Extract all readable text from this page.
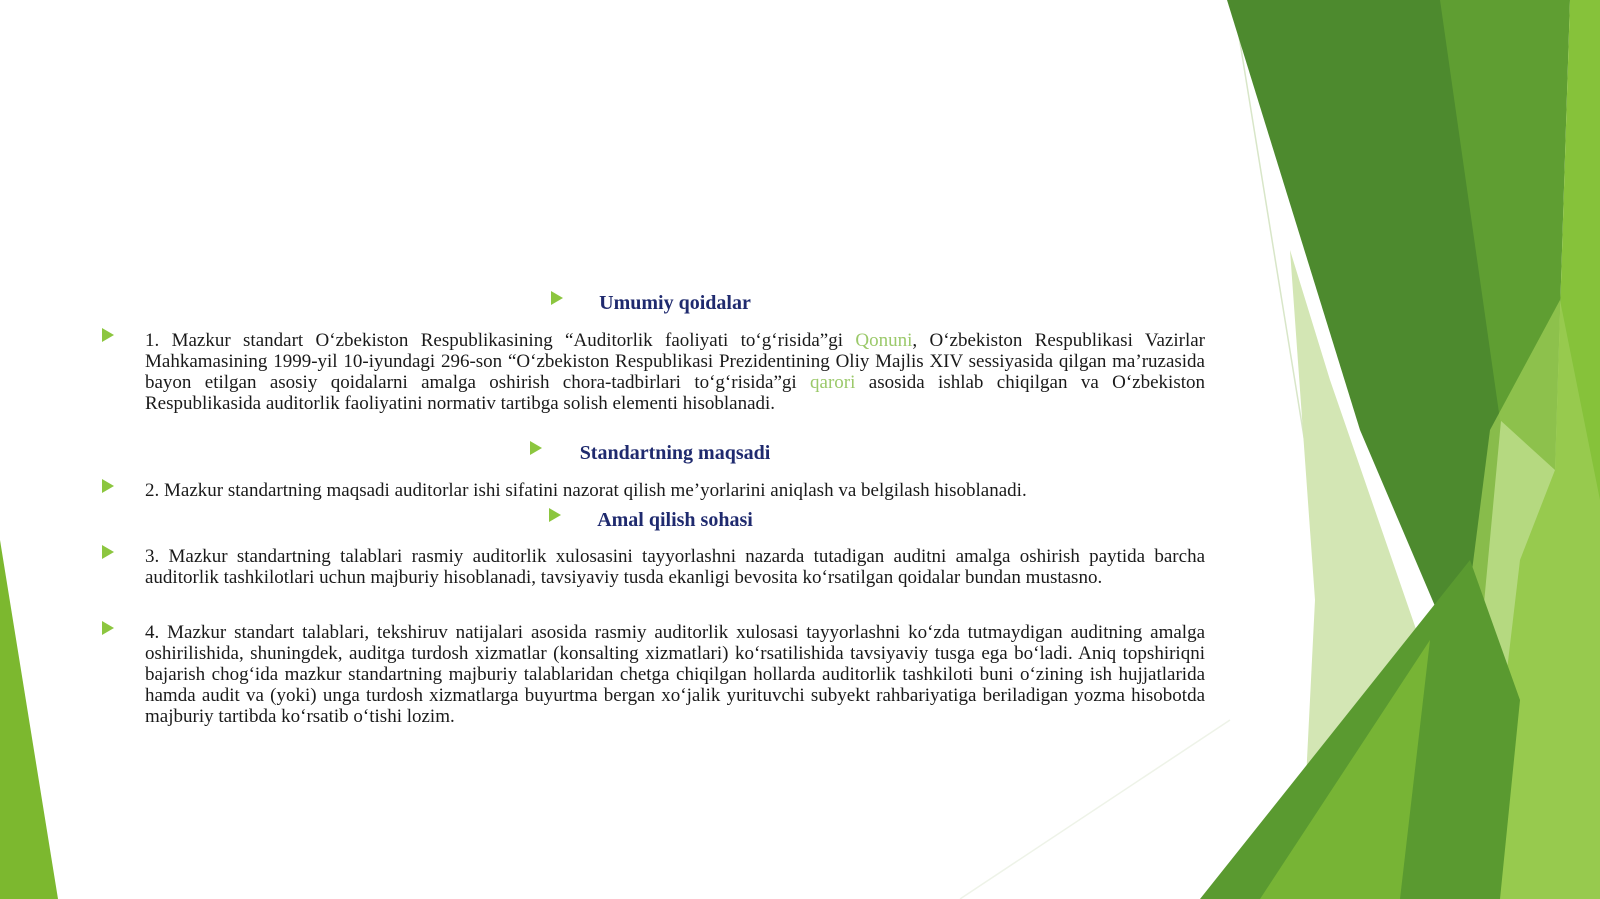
Umumiy qoidalar
1. Mazkur standart O‘zbekiston Respublikasining “Auditorlik faoliyati to‘g‘risida”gi Qonuni, O‘zbekiston Respublikasi Vazirlar Mahkamasining 1999-yil 10-iyundagi 296-son “O‘zbekiston Respublikasi Prezidentining Oliy Majlis XIV sessiyasida qilgan ma’ruzasida bayon etilgan asosiy qoidalarni amalga oshirish chora-tadbirlari to‘g‘risida”gi qarori asosida ishlab chiqilgan va O‘zbekiston Respublikasida auditorlik faoliyatini normativ tartibga solish elementi hisoblanadi.
Standartning maqsadi
2. Mazkur standartning maqsadi auditorlar ishi sifatini nazorat qilish me’yorlarini aniqlash va belgilash hisoblanadi.
Amal qilish sohasi
3. Mazkur standartning talablari rasmiy auditorlik xulosasini tayyorlashni nazarda tutadigan auditni amalga oshirish paytida barcha auditorlik tashkilotlari uchun majburiy hisoblanadi, tavsiyaviy tusda ekanligi bevosita ko‘rsatilgan qoidalar bundan mustasno.
4. Mazkur standart talablari, tekshiruv natijalari asosida rasmiy auditorlik xulosasi tayyorlashni ko‘zda tutmaydigan auditning amalga oshirilishida, shuningdek, auditga turdosh xizmatlar (konsalting xizmatlari) ko‘rsatilishida tavsiyaviy tusga ega bo‘ladi. Aniq topshiriqni bajarish chog‘ida mazkur standartning majburiy talablaridan chetga chiqilgan hollarda auditorlik tashkiloti buni o‘zining ish hujjatlarida hamda audit va (yoki) unga turdosh xizmatlarga buyurtma bergan xo‘jalik yurituvchi subyekt rahbariyatiga beriladigan yozma hisobotda majburiy tartibda ko‘rsatib o‘tishi lozim.
